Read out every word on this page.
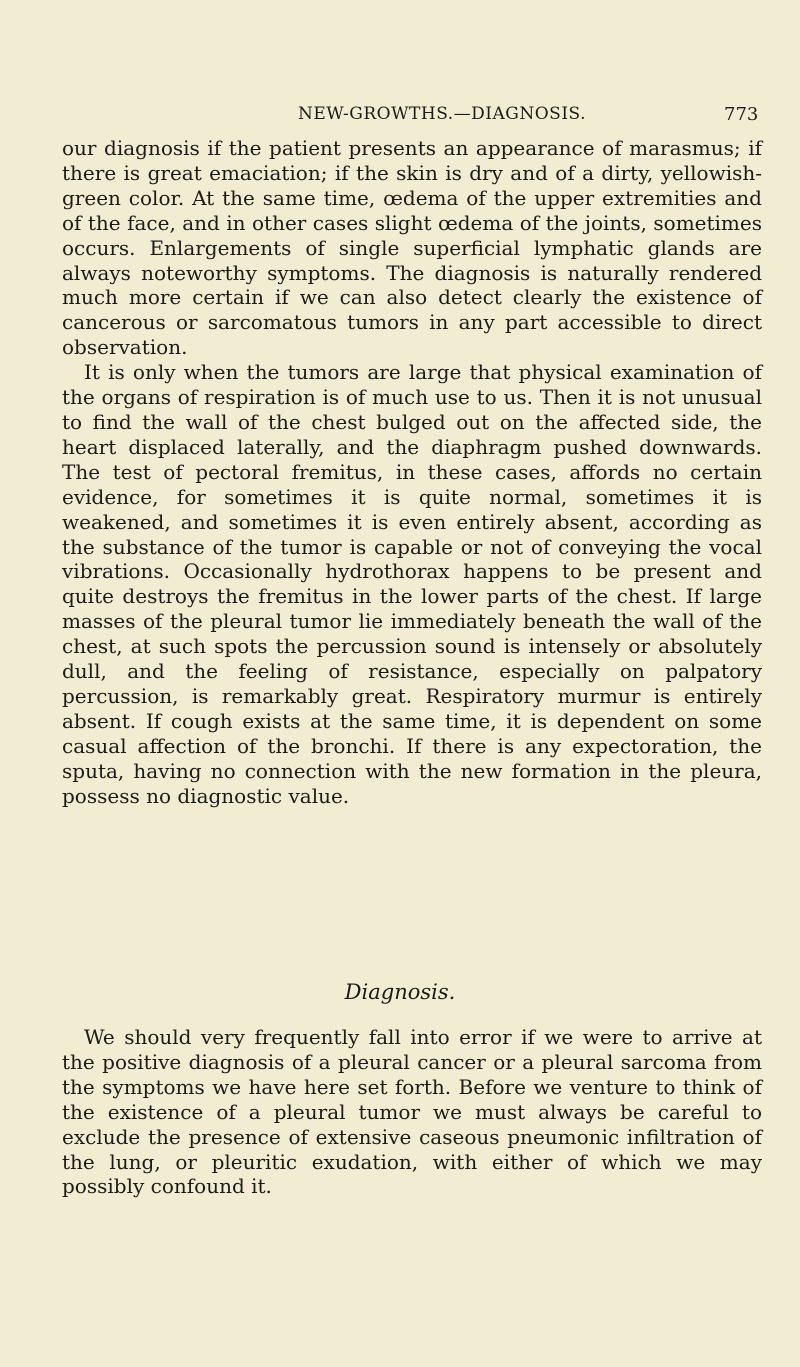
NEW-GROWTHS.—DIAGNOSIS.	773

our diagnosis if the patient presents an appearance of marasmus; if there is great emaciation; if the skin is dry and of a dirty, yellowish-green color. At the same time, œdema of the upper extremities and of the face, and in other cases slight œdema of the joints, sometimes occurs. Enlargements of single superficial lymphatic glands are always noteworthy symptoms. The diagnosis is naturally rendered much more certain if we can also detect clearly the existence of cancerous or sarcomatous tumors in any part accessible to direct observation.

It is only when the tumors are large that physical examination of the organs of respiration is of much use to us. Then it is not unusual to find the wall of the chest bulged out on the affected side, the heart displaced laterally, and the diaphragm pushed downwards. The test of pectoral fremitus, in these cases, affords no certain evidence, for sometimes it is quite normal, sometimes it is weakened, and sometimes it is even entirely absent, according as the substance of the tumor is capable or not of conveying the vocal vibrations. Occasionally hydrothorax happens to be present and quite destroys the fremitus in the lower parts of the chest. If large masses of the pleural tumor lie immediately beneath the wall of the chest, at such spots the percussion sound is intensely or absolutely dull, and the feeling of resistance, especially on palpatory percussion, is remarkably great. Respiratory murmur is entirely absent. If cough exists at the same time, it is dependent on some casual affection of the bronchi. If there is any expectoration, the sputa, having no connection with the new formation in the pleura, possess no diagnostic value.

Diagnosis.

We should very frequently fall into error if we were to arrive at the positive diagnosis of a pleural cancer or a pleural sarcoma from the symptoms we have here set forth. Before we venture to think of the existence of a pleural tumor we must always be careful to exclude the presence of extensive caseous pneumonic infiltration of the lung, or pleuritic exudation, with either of which we may possibly confound it.
